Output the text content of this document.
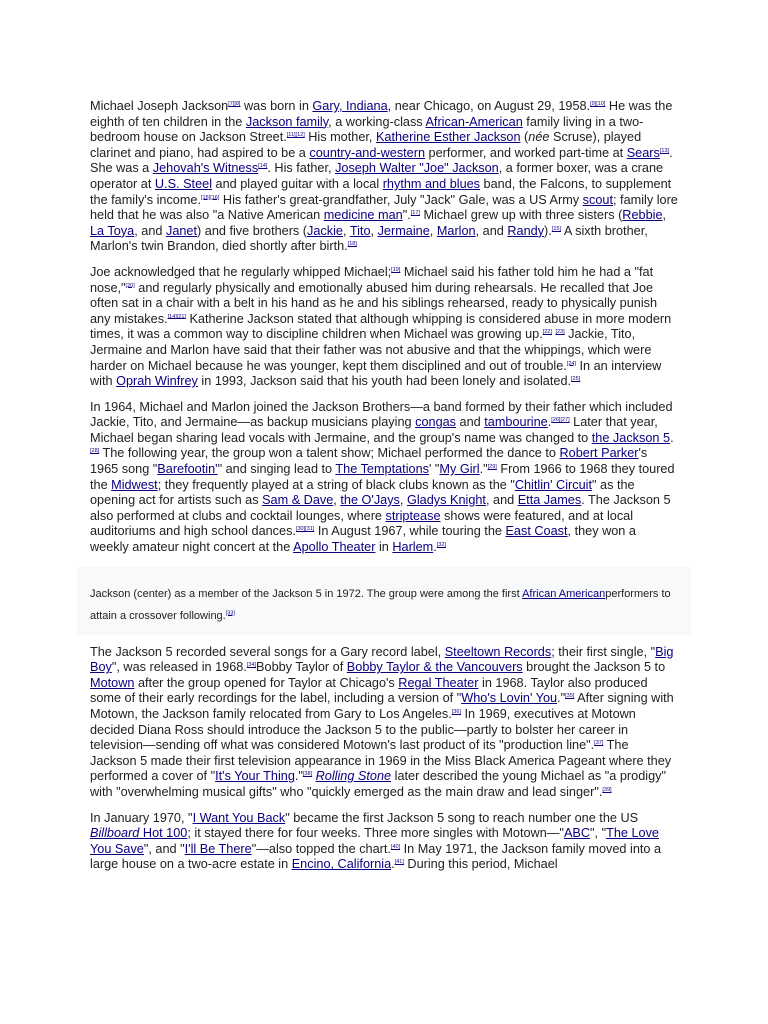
Michael Joseph Jackson[7][8] was born in Gary, Indiana, near Chicago, on August 29, 1958.[9][10] He was the eighth of ten children in the Jackson family, a working-class African-American family living in a two-bedroom house on Jackson Street.[11][12] His mother, Katherine Esther Jackson (née Scruse), played clarinet and piano, had aspired to be a country-and-western performer, and worked part-time at Sears[13]. She was a Jehovah's Witness[14]. His father, Joseph Walter "Joe" Jackson, a former boxer, was a crane operator at U.S. Steel and played guitar with a local rhythm and blues band, the Falcons, to supplement the family's income.[15][16] His father's great-grandfather, July "Jack" Gale, was a US Army scout; family lore held that he was also "a Native American medicine man".[17] Michael grew up with three sisters (Rebbie, La Toya, and Janet) and five brothers (Jackie, Tito, Jermaine, Marlon, and Randy).[15] A sixth brother, Marlon's twin Brandon, died shortly after birth.[18]

Joe acknowledged that he regularly whipped Michael;[19] Michael said his father told him he had a "fat nose,"[20] and regularly physically and emotionally abused him during rehearsals. He recalled that Joe often sat in a chair with a belt in his hand as he and his siblings rehearsed, ready to physically punish any mistakes.[14][21] Katherine Jackson stated that although whipping is considered abuse in more modern times, it was a common way to discipline children when Michael was growing up.[22] [23] Jackie, Tito, Jermaine and Marlon have said that their father was not abusive and that the whippings, which were harder on Michael because he was younger, kept them disciplined and out of trouble.[24] In an interview with Oprah Winfrey in 1993, Jackson said that his youth had been lonely and isolated.[25]

In 1964, Michael and Marlon joined the Jackson Brothers—a band formed by their father which included Jackie, Tito, and Jermaine—as backup musicians playing congas and tambourine.[26][27] Later that year, Michael began sharing lead vocals with Jermaine, and the group's name was changed to the Jackson 5.[28] The following year, the group won a talent show; Michael performed the dance to Robert Parker's 1965 song "Barefootin'" and singing lead to The Temptations' "My Girl."[29] From 1966 to 1968 they toured the Midwest; they frequently played at a string of black clubs known as the "Chitlin' Circuit" as the opening act for artists such as Sam & Dave, the O'Jays, Gladys Knight, and Etta James. The Jackson 5 also performed at clubs and cocktail lounges, where striptease shows were featured, and at local auditoriums and high school dances.[30][31] In August 1967, while touring the East Coast, they won a weekly amateur night concert at the Apollo Theater in Harlem.[32]

Jackson (center) as a member of the Jackson 5 in 1972. The group were among the first African Americanperformers to attain a crossover following.[33]

The Jackson 5 recorded several songs for a Gary record label, Steeltown Records; their first single, "Big Boy", was released in 1968.[34]Bobby Taylor of Bobby Taylor & the Vancouvers brought the Jackson 5 to Motown after the group opened for Taylor at Chicago's Regal Theater in 1968. Taylor also produced some of their early recordings for the label, including a version of "Who's Lovin' You."[35] After signing with Motown, the Jackson family relocated from Gary to Los Angeles.[36] In 1969, executives at Motown decided Diana Ross should introduce the Jackson 5 to the public—partly to bolster her career in television—sending off what was considered Motown's last product of its "production line".[37] The Jackson 5 made their first television appearance in 1969 in the Miss Black America Pageant where they performed a cover of "It's Your Thing."[38] Rolling Stone later described the young Michael as "a prodigy" with "overwhelming musical gifts" who "quickly emerged as the main draw and lead singer".[39]

In January 1970, "I Want You Back" became the first Jackson 5 song to reach number one the US Billboard Hot 100; it stayed there for four weeks. Three more singles with Motown—"ABC", "The Love You Save", and "I'll Be There"—also topped the chart.[40] In May 1971, the Jackson family moved into a large house on a two-acre estate in Encino, California.[41] During this period, Michael
